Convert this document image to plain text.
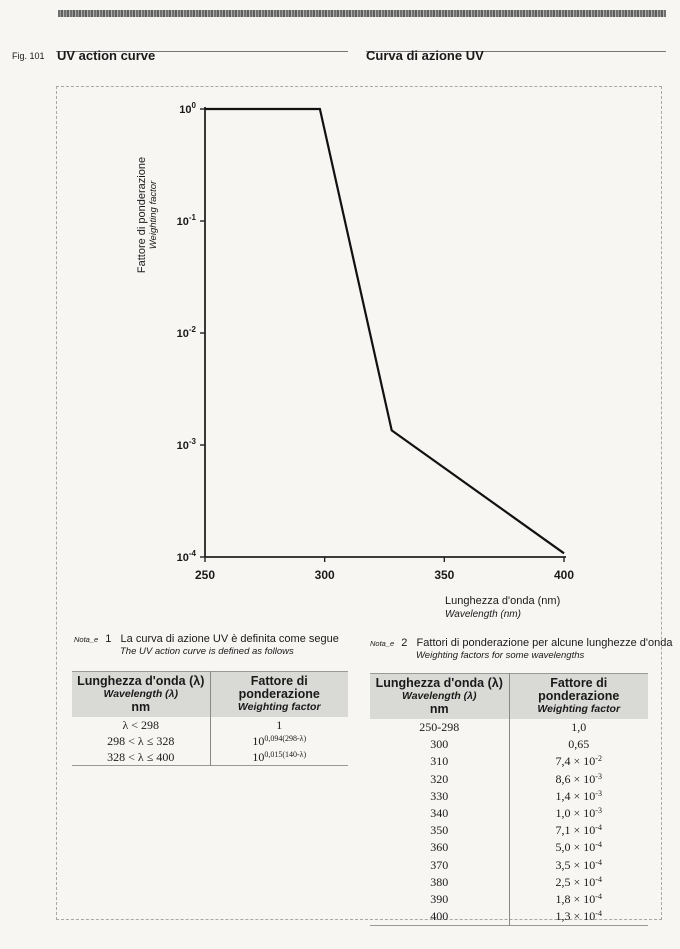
Fig. 101 UV action curve	Curva di azione UV
250	300	350	400
$10^0$
$10^{-1}$
$10^{-2}$
$10^{-3}$
$10^{-4}$
Fattore di ponderazione Weighting factor
Lunghezza d'onda (nm)
Wavelength (nm)
Nota_e 1 La curva di azione UV è definita come segue
The UV action curve is defined as follows
Lunghezza d'onda (λ)
Wavelength (λ)
nm	Fattore di ponderazione
Weighting factor

λ < 298	1
298 < λ ≤ 328	$10^{0,094(298-\lambda)}$
328 < λ ≤ 400	$10^{0,015(140-\lambda)}$
Nota_e 2 Fattori di ponderazione per alcune lunghezze d'onda
Weighting factors for some wavelengths
Lunghezza d'onda (λ)
Wavelength (λ)
nm	Fattore di ponderazione
Weighting factor

250-298	1,0
300	0,65
310	$7,4 \times 10^{-2}$
320	$8,6 \times 10^{-3}$
330	$1,4 \times 10^{-3}$
340	$1,0 \times 10^{-3}$
350	$7,1 \times 10^{-4}$
360	$5,0 \times 10^{-4}$
370	$3,5 \times 10^{-4}$
380	$2,5 \times 10^{-4}$
390	$1,8 \times 10^{-4}$
400	$1,3 \times 10^{-4}$
